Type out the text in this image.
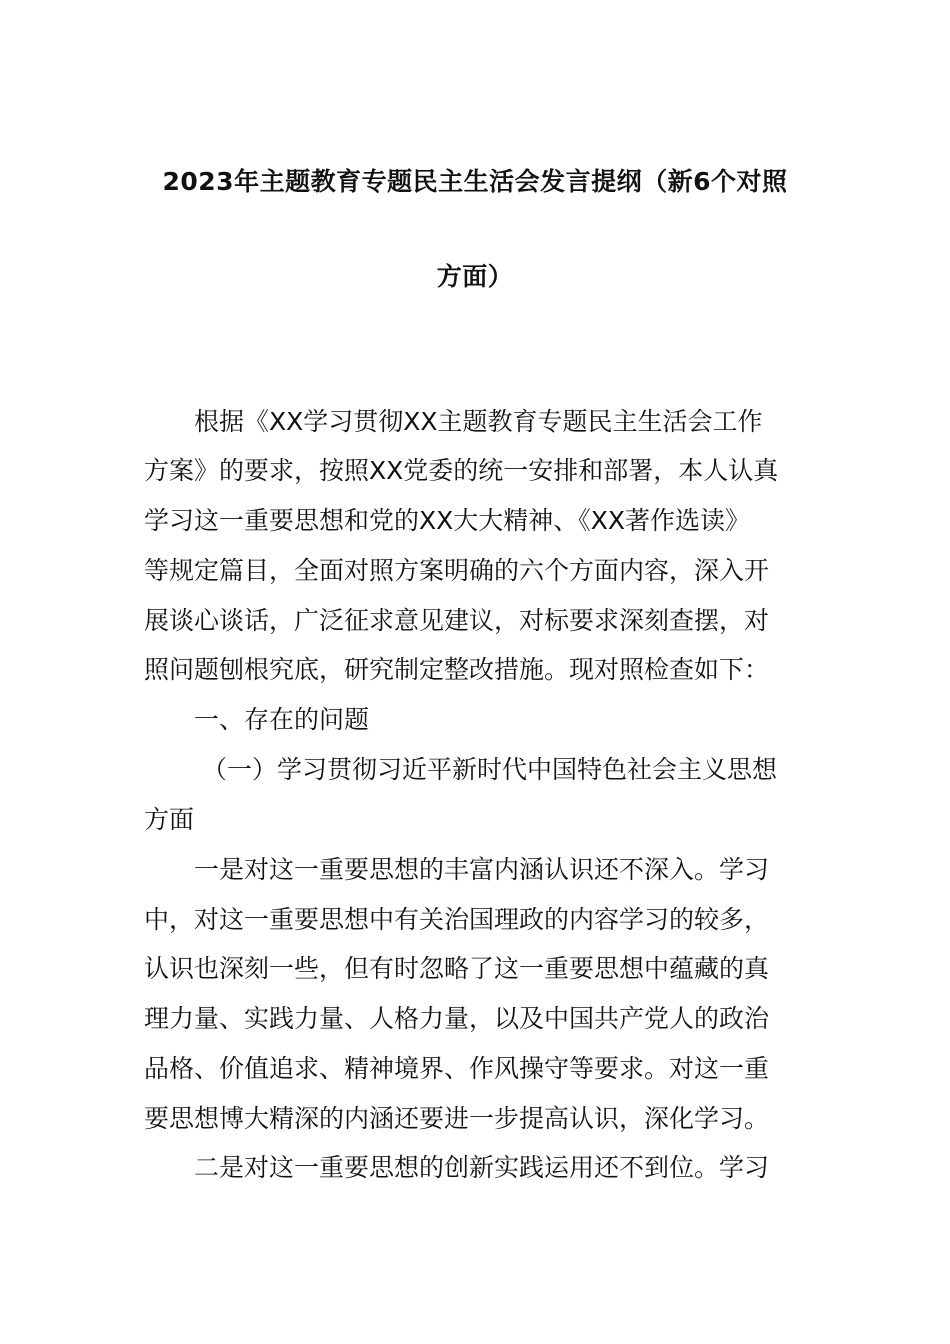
2023年主题教育专题民主生活会发言提纲（新6个对照
方面）
根据《XX学习贯彻XX主题教育专题民主生活会工作
方案》的要求，按照XX党委的统一安排和部署，本人认真
学习这一重要思想和党的XX大大精神、《XX著作选读》
等规定篇目，全面对照方案明确的六个方面内容，深入开
展谈心谈话，广泛征求意见建议，对标要求深刻查摆，对
照问题刨根究底，研究制定整改措施。现对照检查如下：
一、存在的问题
（一）学习贯彻习近平新时代中国特色社会主义思想
方面
一是对这一重要思想的丰富内涵认识还不深入。学习
中，对这一重要思想中有关治国理政的内容学习的较多，
认识也深刻一些，但有时忽略了这一重要思想中蕴藏的真
理力量、实践力量、人格力量，以及中国共产党人的政治
品格、价值追求、精神境界、作风操守等要求。对这一重
要思想博大精深的内涵还要进一步提高认识，深化学习。
二是对这一重要思想的创新实践运用还不到位。学习
